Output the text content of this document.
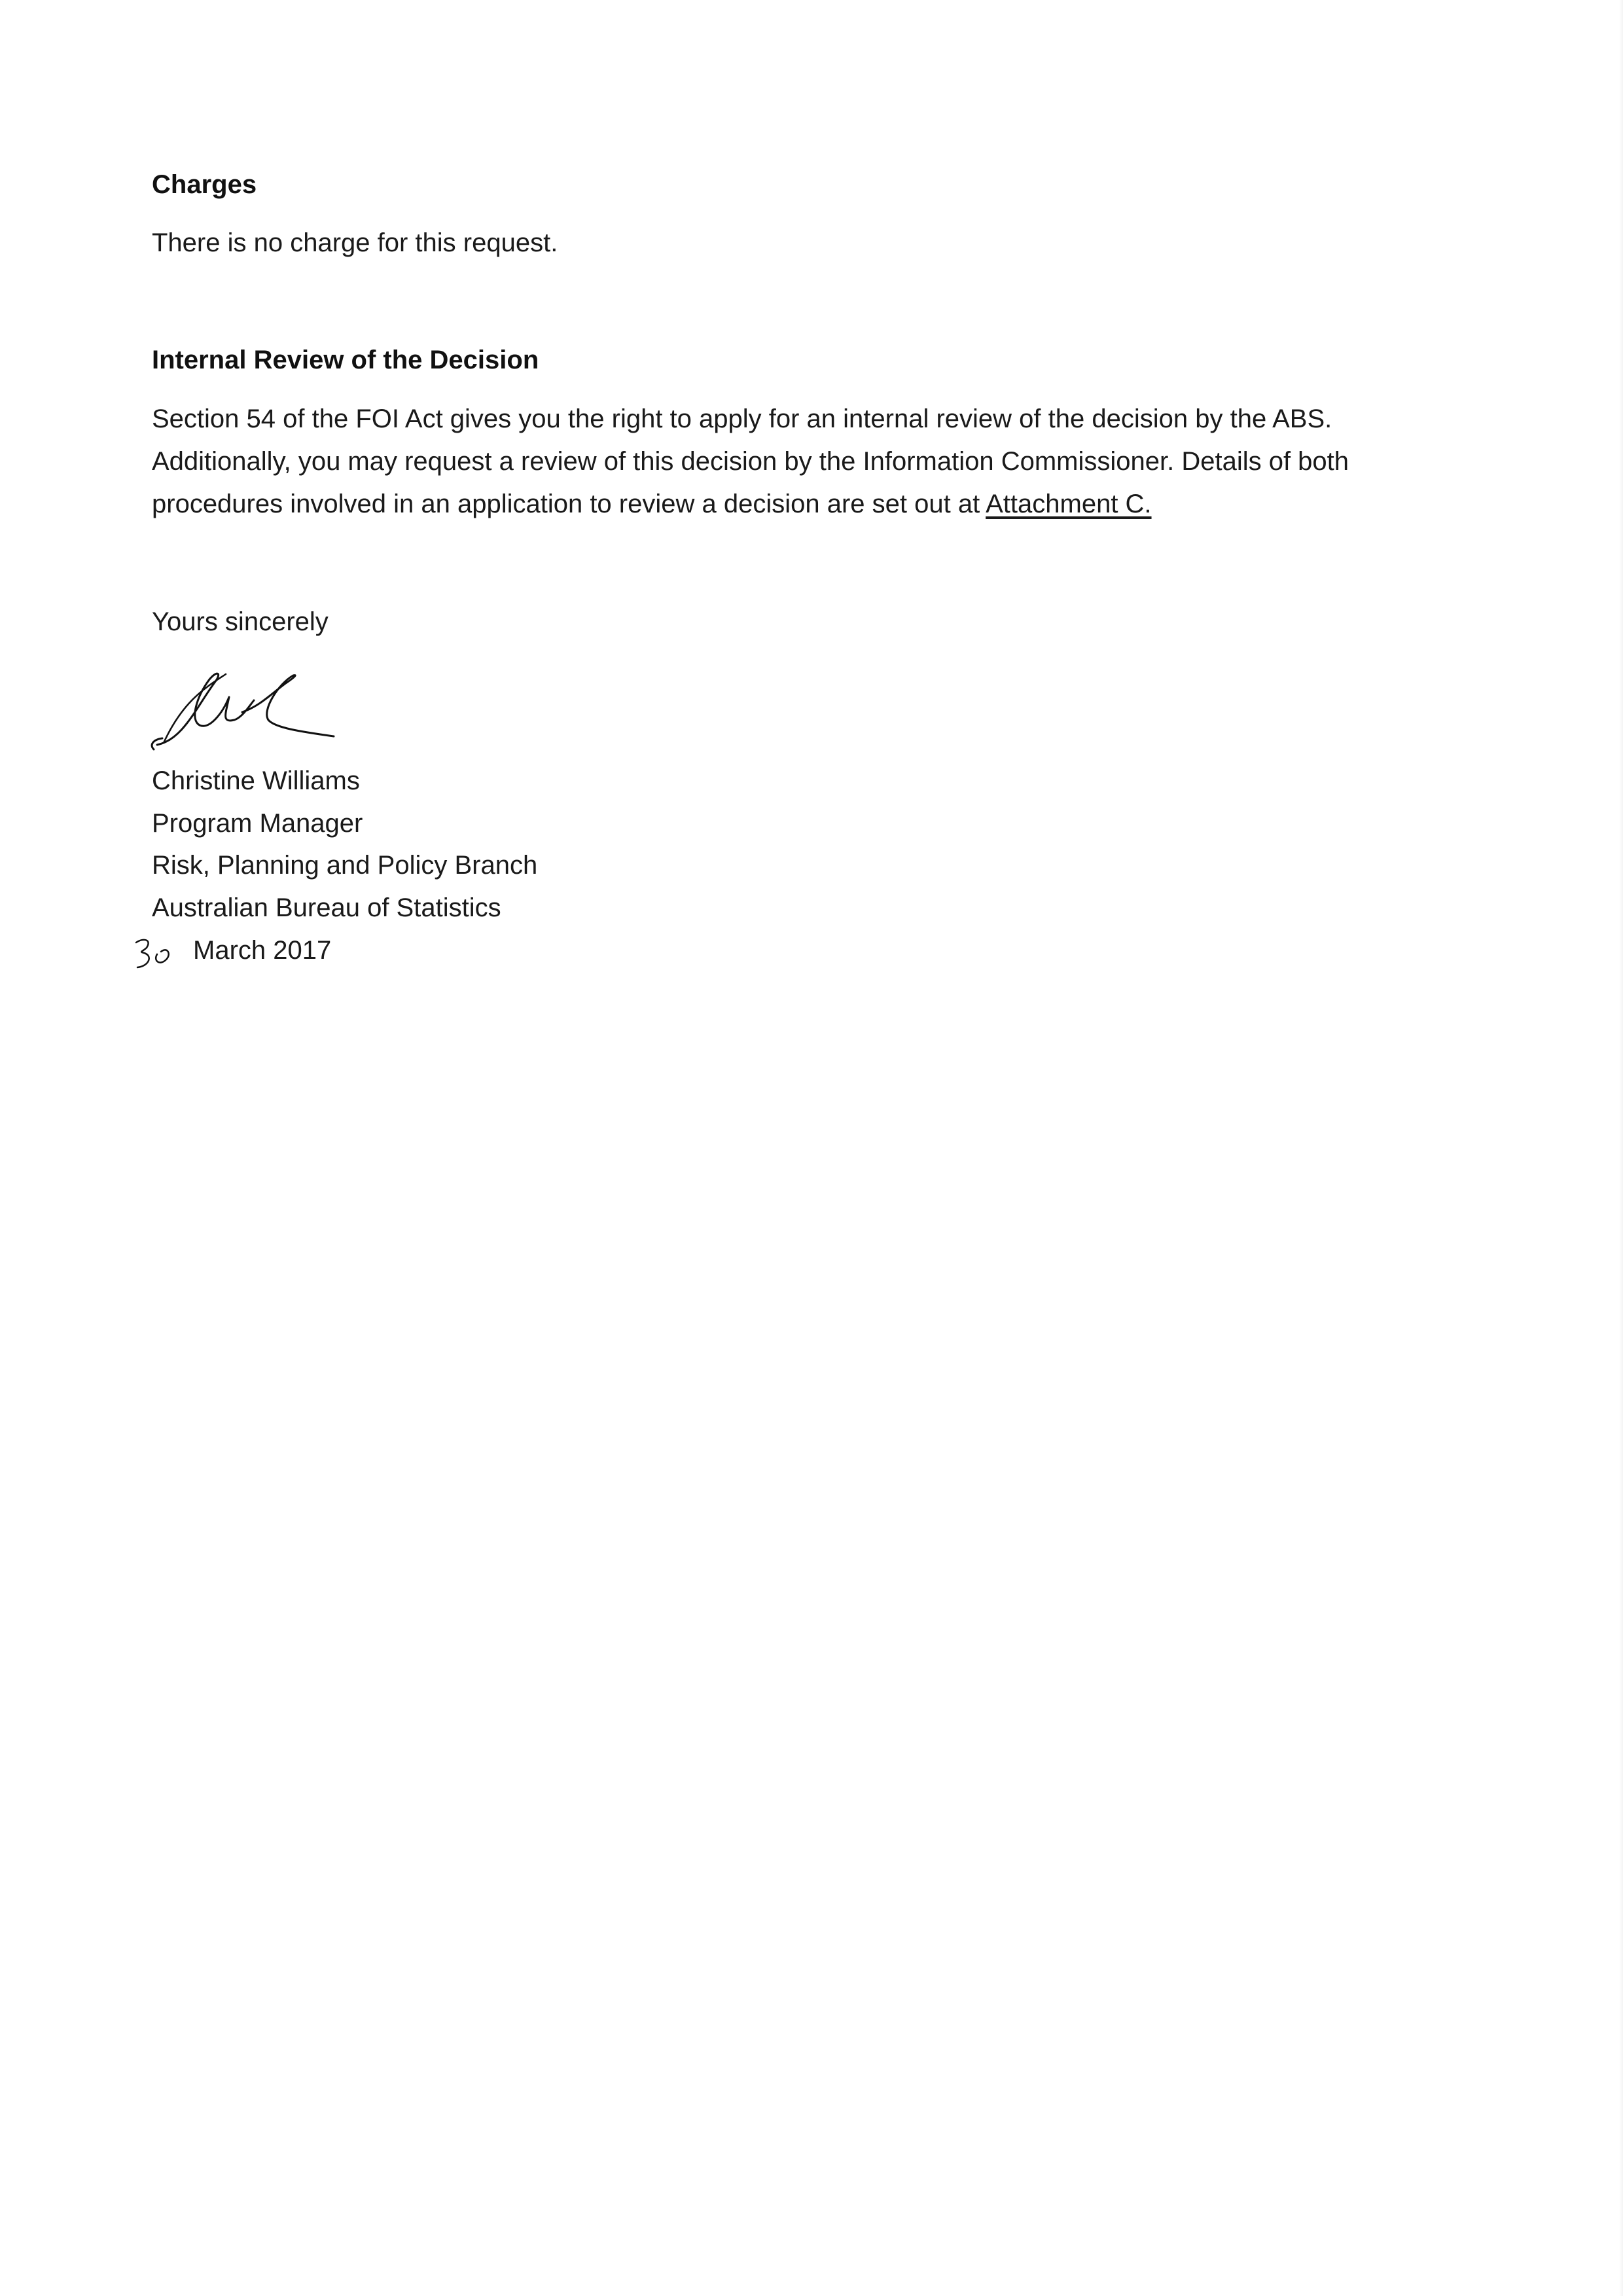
Charges
There is no charge for this request.
Internal Review of the Decision
Section 54 of the FOI Act gives you the right to apply for an internal review of the decision by the ABS.
Additionally, you may request a review of this decision by the Information Commissioner. Details of both
procedures involved in an application to review a decision are set out at Attachment C.
Yours sincerely
Christine Williams
Program Manager
Risk, Planning and Policy Branch
Australian Bureau of Statistics
30
March 2017
